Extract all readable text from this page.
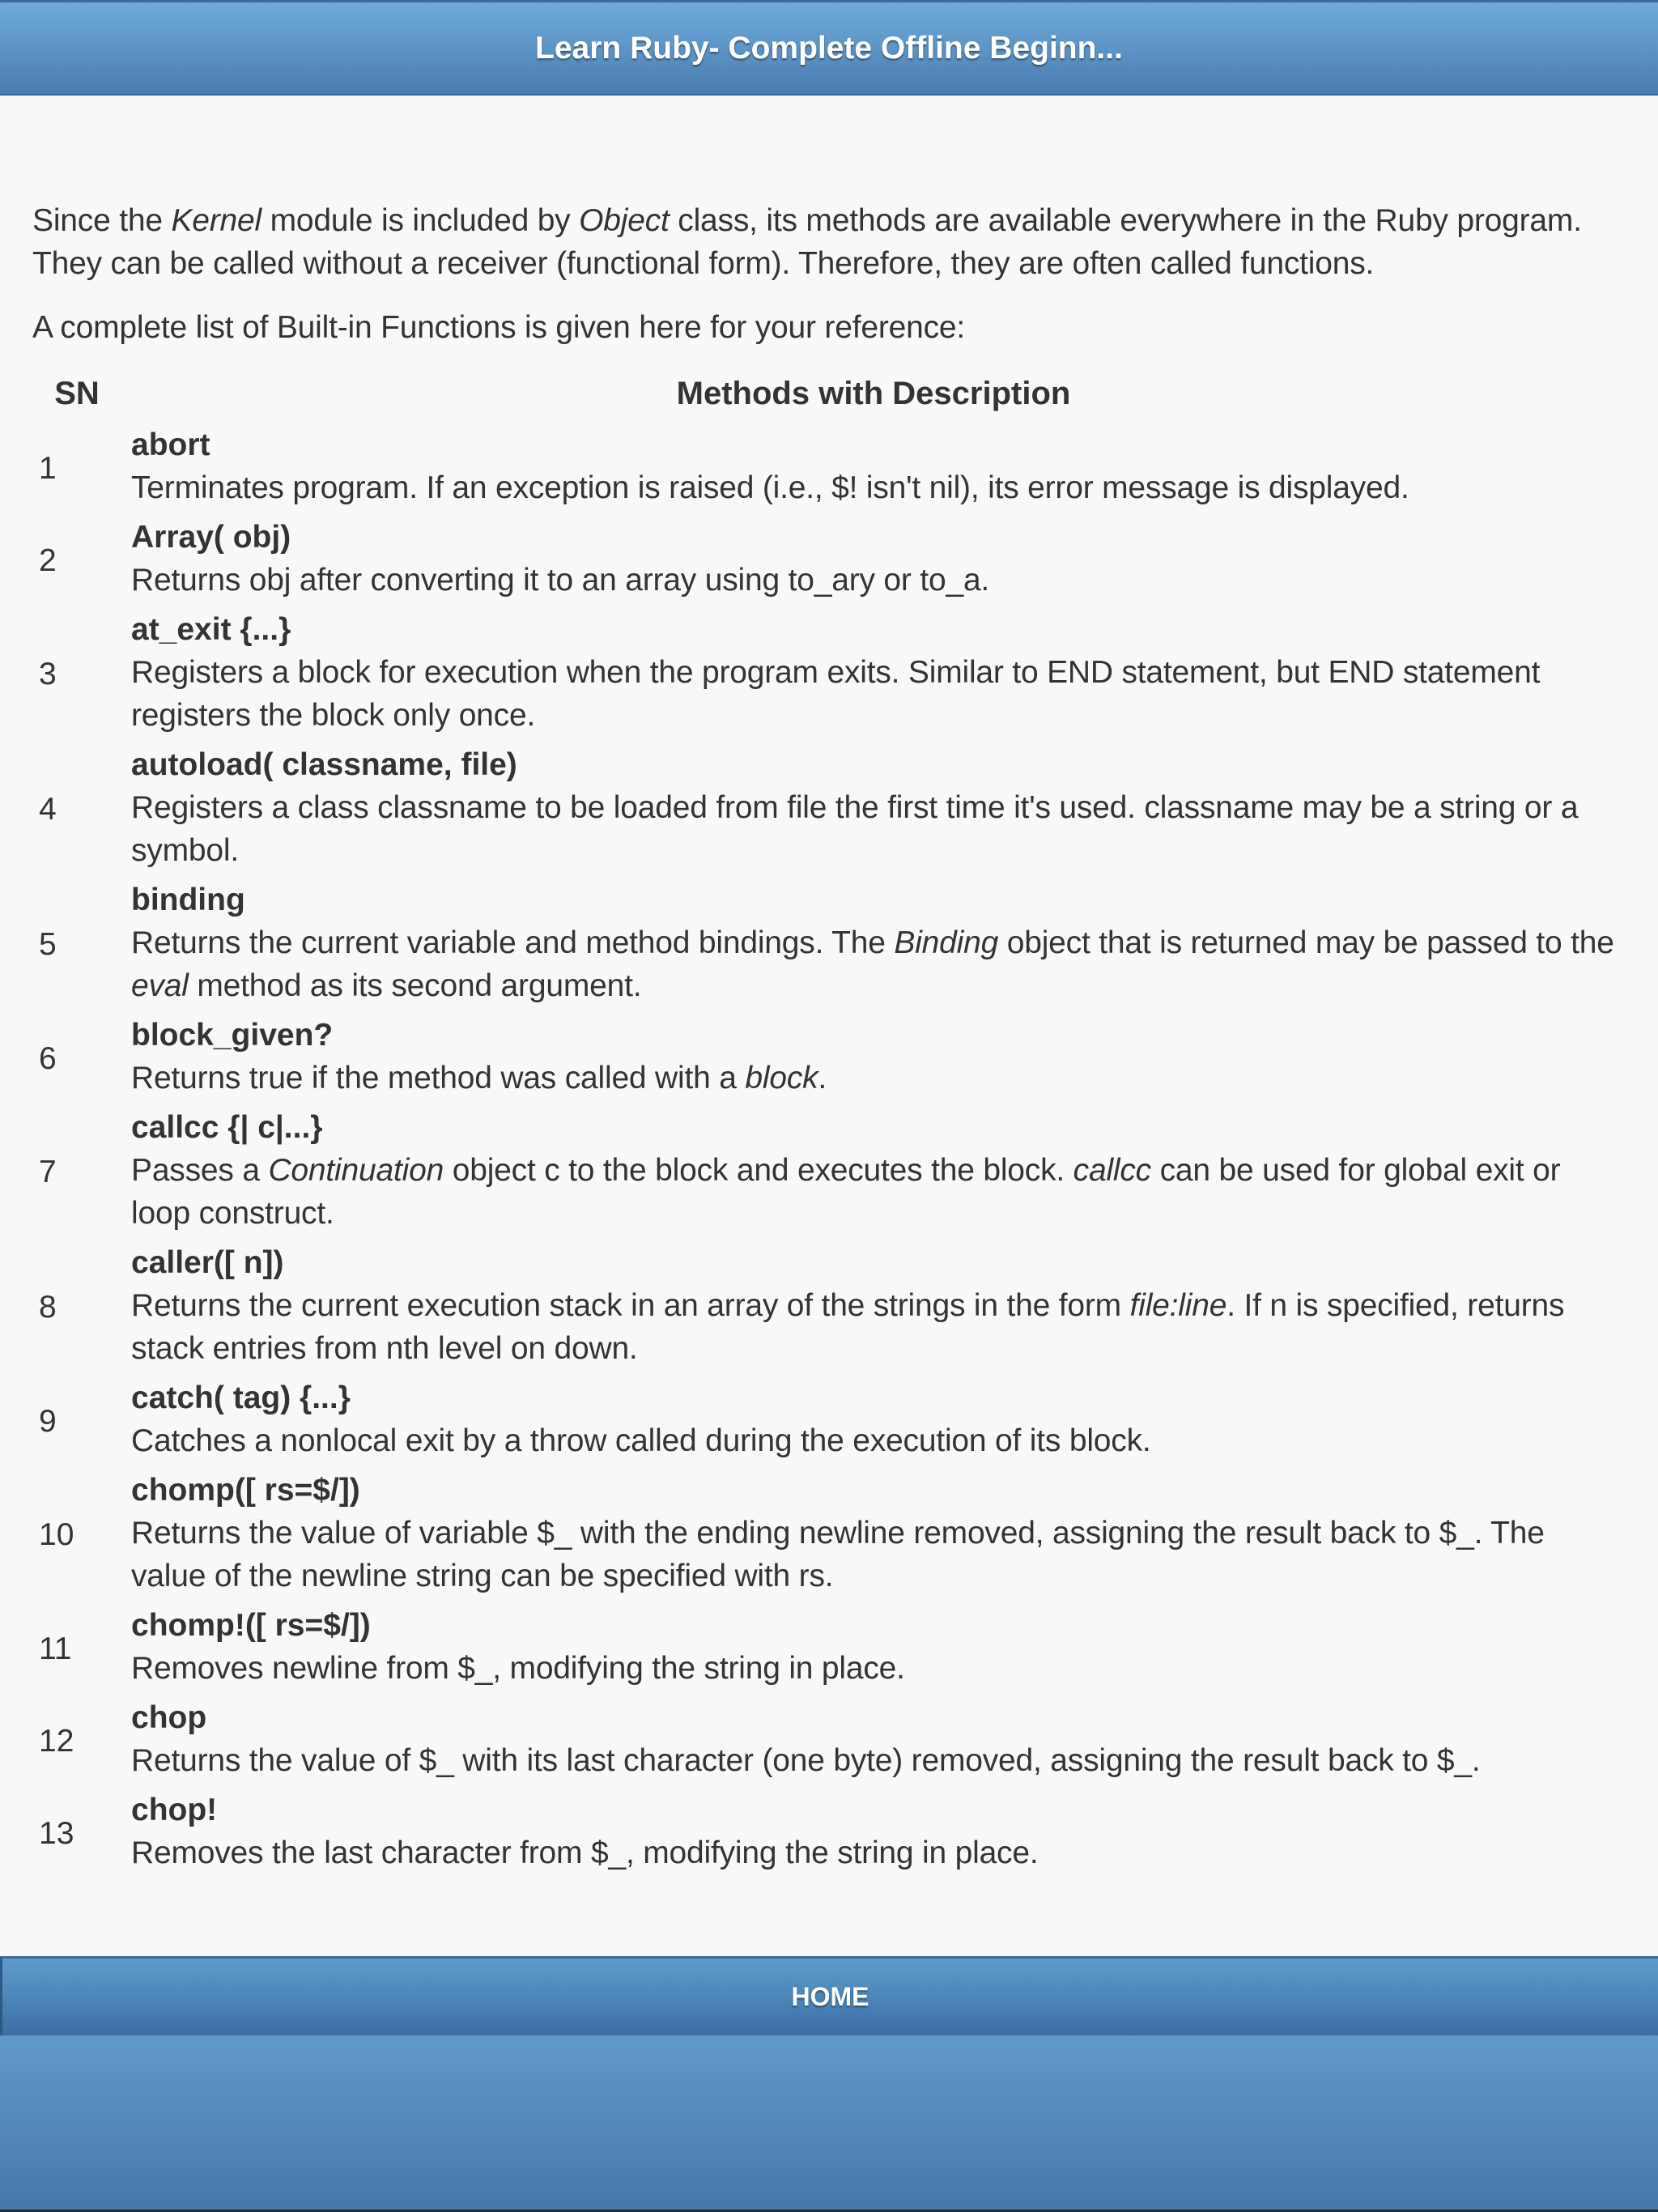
Learn Ruby- Complete Offline Beginn...

Since the Kernel module is included by Object class, its methods are available everywhere in the Ruby program. They can be called without a receiver (functional form). Therefore, they are often called functions.

A complete list of Built-in Functions is given here for your reference:

SN	Methods with Description
1	abort
Terminates program. If an exception is raised (i.e., $! isn't nil), its error message is displayed.

2	Array( obj)
Returns obj after converting it to an array using to_ary or to_a.

3	at_exit {...}
Registers a block for execution when the program exits. Similar to END statement, but END statement registers the block only once.

4	autoload( classname, file)
Registers a class classname to be loaded from file the first time it's used. classname may be a string or a symbol.

5	binding
Returns the current variable and method bindings. The Binding object that is returned may be passed to the eval method as its second argument.

6	block_given?
Returns true if the method was called with a block.

7	callcc {| c|...}
Passes a Continuation object c to the block and executes the block. callcc can be used for global exit or loop construct.

8	caller([ n])
Returns the current execution stack in an array of the strings in the form file:line. If n is specified, returns stack entries from nth level on down.

9	catch( tag) {...}
Catches a nonlocal exit by a throw called during the execution of its block.

10	chomp([ rs=$/])
Returns the value of variable $_ with the ending newline removed, assigning the result back to $_. The value of the newline string can be specified with rs.

11	chomp!([ rs=$/])
Removes newline from $_, modifying the string in place.

12	chop
Returns the value of $_ with its last character (one byte) removed, assigning the result back to $_.

13	chop!
Removes the last character from $_, modifying the string in place.
HOME
